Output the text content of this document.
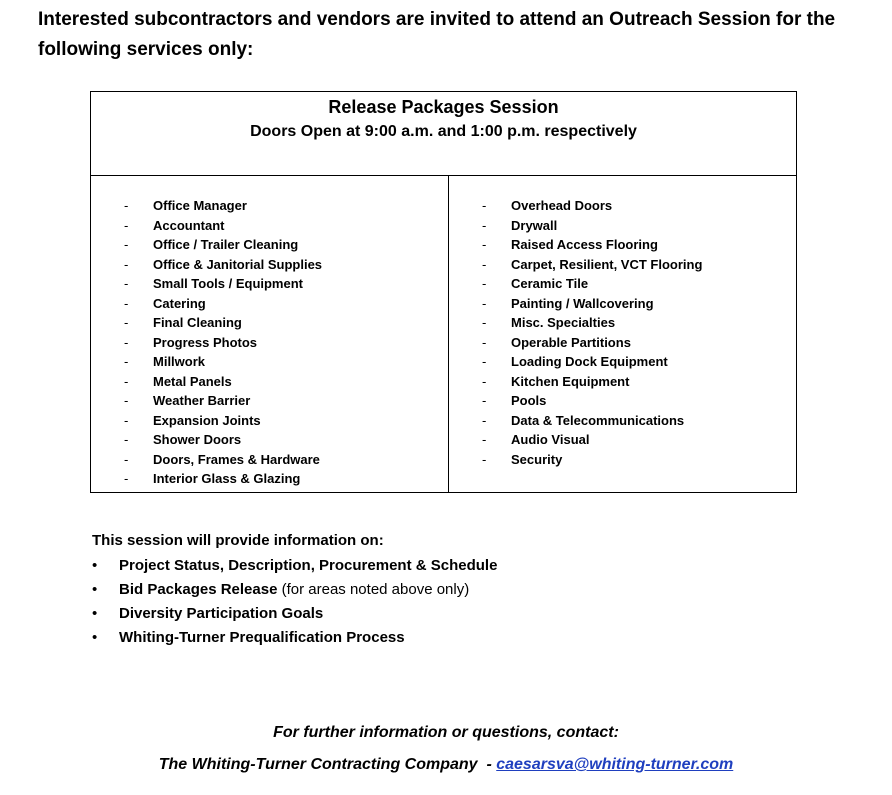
Interested subcontractors and vendors are invited to attend an Outreach Session for the following services only:
Release Packages Session
Doors Open at 9:00 a.m. and 1:00 p.m. respectively
- Office Manager
- Accountant
- Office / Trailer Cleaning
- Office & Janitorial Supplies
- Small Tools / Equipment
- Catering
- Final Cleaning
- Progress Photos
- Millwork
- Metal Panels
- Weather Barrier
- Expansion Joints
- Shower Doors
- Doors, Frames & Hardware
- Interior Glass & Glazing
- Overhead Doors
- Drywall
- Raised Access Flooring
- Carpet, Resilient, VCT Flooring
- Ceramic Tile
- Painting / Wallcovering
- Misc. Specialties
- Operable Partitions
- Loading Dock Equipment
- Kitchen Equipment
- Pools
- Data & Telecommunications
- Audio Visual
- Security
This session will provide information on:
• Project Status, Description, Procurement & Schedule
• Bid Packages Release (for areas noted above only)
• Diversity Participation Goals
• Whiting-Turner Prequalification Process
For further information or questions, contact:
The Whiting-Turner Contracting Company  - caesarsva@whiting-turner.com
